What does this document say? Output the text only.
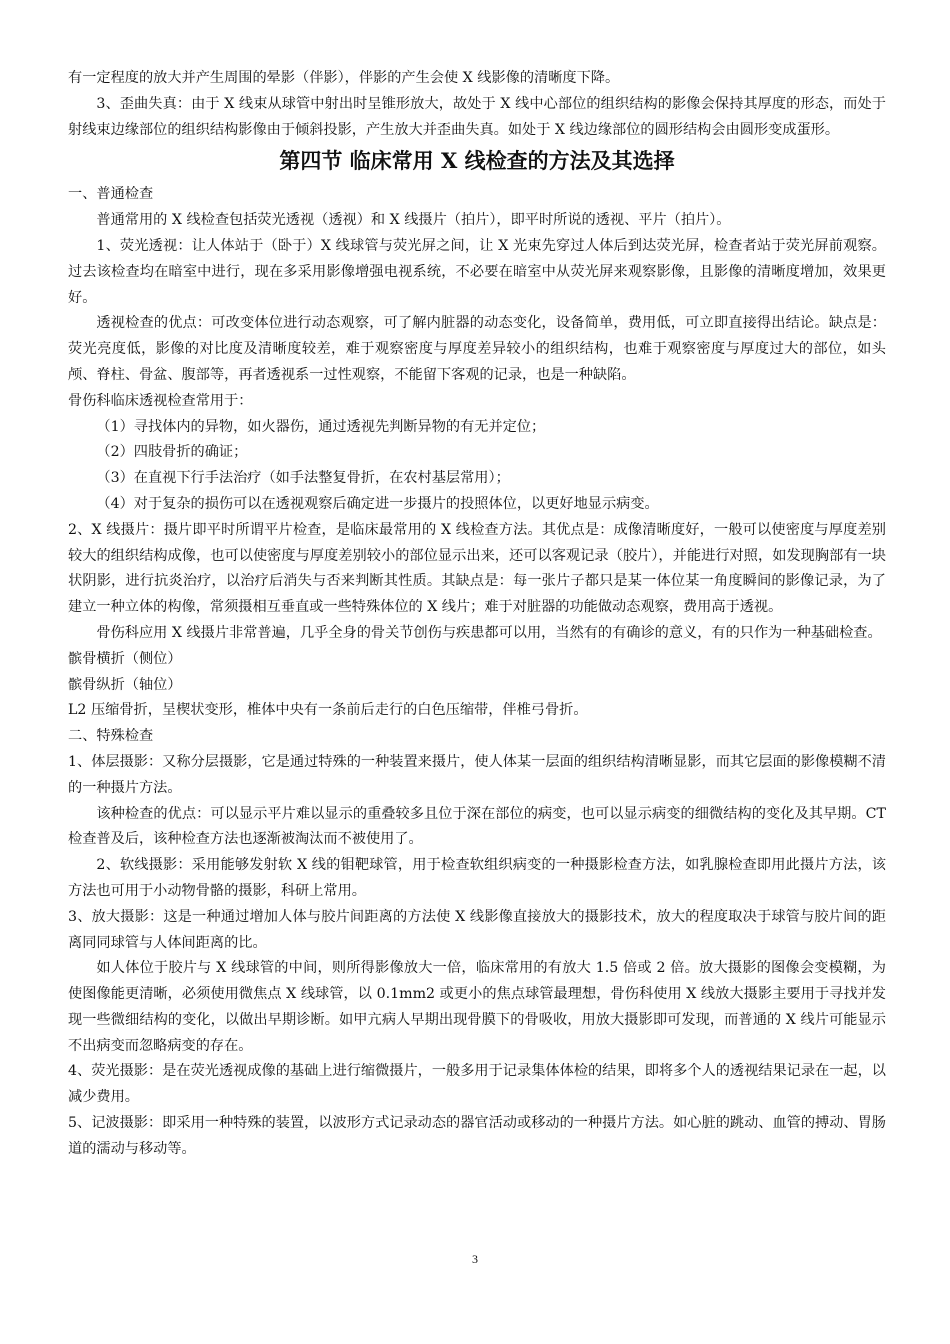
有一定程度的放大并产生周围的晕影（伴影），伴影的产生会使 X 线影像的清晰度下降。

3、歪曲失真：由于 X 线束从球管中射出时呈锥形放大，故处于 X 线中心部位的组织结构的影像会保持其厚度的形态，而处于射线束边缘部位的组织结构影像由于倾斜投影，产生放大并歪曲失真。如处于 X 线边缘部位的圆形结构会由圆形变成蛋形。

第四节 临床常用 X 线检查的方法及其选择

一、普通检查

普通常用的 X 线检查包括荧光透视（透视）和 X 线摄片（拍片），即平时所说的透视、平片（拍片）。

1、荧光透视：让人体站于（卧于）X 线球管与荧光屏之间，让 X 光束先穿过人体后到达荧光屏，检查者站于荧光屏前观察。过去该检查均在暗室中进行，现在多采用影像增强电视系统，不必要在暗室中从荧光屏来观察影像，且影像的清晰度增加，效果更好。

透视检查的优点：可改变体位进行动态观察，可了解内脏器的动态变化，设备简单，费用低，可立即直接得出结论。缺点是：荧光亮度低，影像的对比度及清晰度较差，难于观察密度与厚度差异较小的组织结构，也难于观察密度与厚度过大的部位，如头颅、脊柱、骨盆、腹部等，再者透视系一过性观察，不能留下客观的记录，也是一种缺陷。

骨伤科临床透视检查常用于：

（1）寻找体内的异物，如火器伤，通过透视先判断异物的有无并定位；

（2）四肢骨折的确证；

（3）在直视下行手法治疗（如手法整复骨折，在农村基层常用）；

（4）对于复杂的损伤可以在透视观察后确定进一步摄片的投照体位，以更好地显示病变。

2、X 线摄片：摄片即平时所谓平片检查，是临床最常用的 X 线检查方法。其优点是：成像清晰度好，一般可以使密度与厚度差别较大的组织结构成像，也可以使密度与厚度差别较小的部位显示出来，还可以客观记录（胶片），并能进行对照，如发现胸部有一块状阴影，进行抗炎治疗，以治疗后消失与否来判断其性质。其缺点是：每一张片子都只是某一体位某一角度瞬间的影像记录，为了建立一种立体的构像，常须摄相互垂直或一些特殊体位的 X 线片；难于对脏器的功能做动态观察，费用高于透视。

骨伤科应用 X 线摄片非常普遍，几乎全身的骨关节创伤与疾患都可以用，当然有的有确诊的意义，有的只作为一种基础检查。

髌骨横折（侧位）

髌骨纵折（轴位）

L2 压缩骨折，呈楔状变形，椎体中央有一条前后走行的白色压缩带，伴椎弓骨折。

二、特殊检查

1、体层摄影：又称分层摄影，它是通过特殊的一种装置来摄片，使人体某一层面的组织结构清晰显影，而其它层面的影像模糊不清的一种摄片方法。

该种检查的优点：可以显示平片难以显示的重叠较多且位于深在部位的病变，也可以显示病变的细微结构的变化及其早期。CT 检查普及后，该种检查方法也逐渐被淘汰而不被使用了。

2、软线摄影：采用能够发射软 X 线的钼靶球管，用于检查软组织病变的一种摄影检查方法，如乳腺检查即用此摄片方法，该方法也可用于小动物骨骼的摄影，科研上常用。

3、放大摄影：这是一种通过增加人体与胶片间距离的方法使 X 线影像直接放大的摄影技术，放大的程度取决于球管与胶片间的距离同同球管与人体间距离的比。

如人体位于胶片与 X 线球管的中间，则所得影像放大一倍，临床常用的有放大 1.5 倍或 2 倍。放大摄影的图像会变模糊，为使图像能更清晰，必须使用微焦点 X 线球管，以 0.1mm2 或更小的焦点球管最理想，骨伤科使用 X 线放大摄影主要用于寻找并发现一些微细结构的变化，以做出早期诊断。如甲亢病人早期出现骨膜下的骨吸收，用放大摄影即可发现，而普通的 X 线片可能显示不出病变而忽略病变的存在。

4、荧光摄影：是在荧光透视成像的基础上进行缩微摄片，一般多用于记录集体体检的结果，即将多个人的透视结果记录在一起，以减少费用。

5、记波摄影：即采用一种特殊的装置，以波形方式记录动态的器官活动或移动的一种摄片方法。如心脏的跳动、血管的搏动、胃肠道的濡动与移动等。

3
